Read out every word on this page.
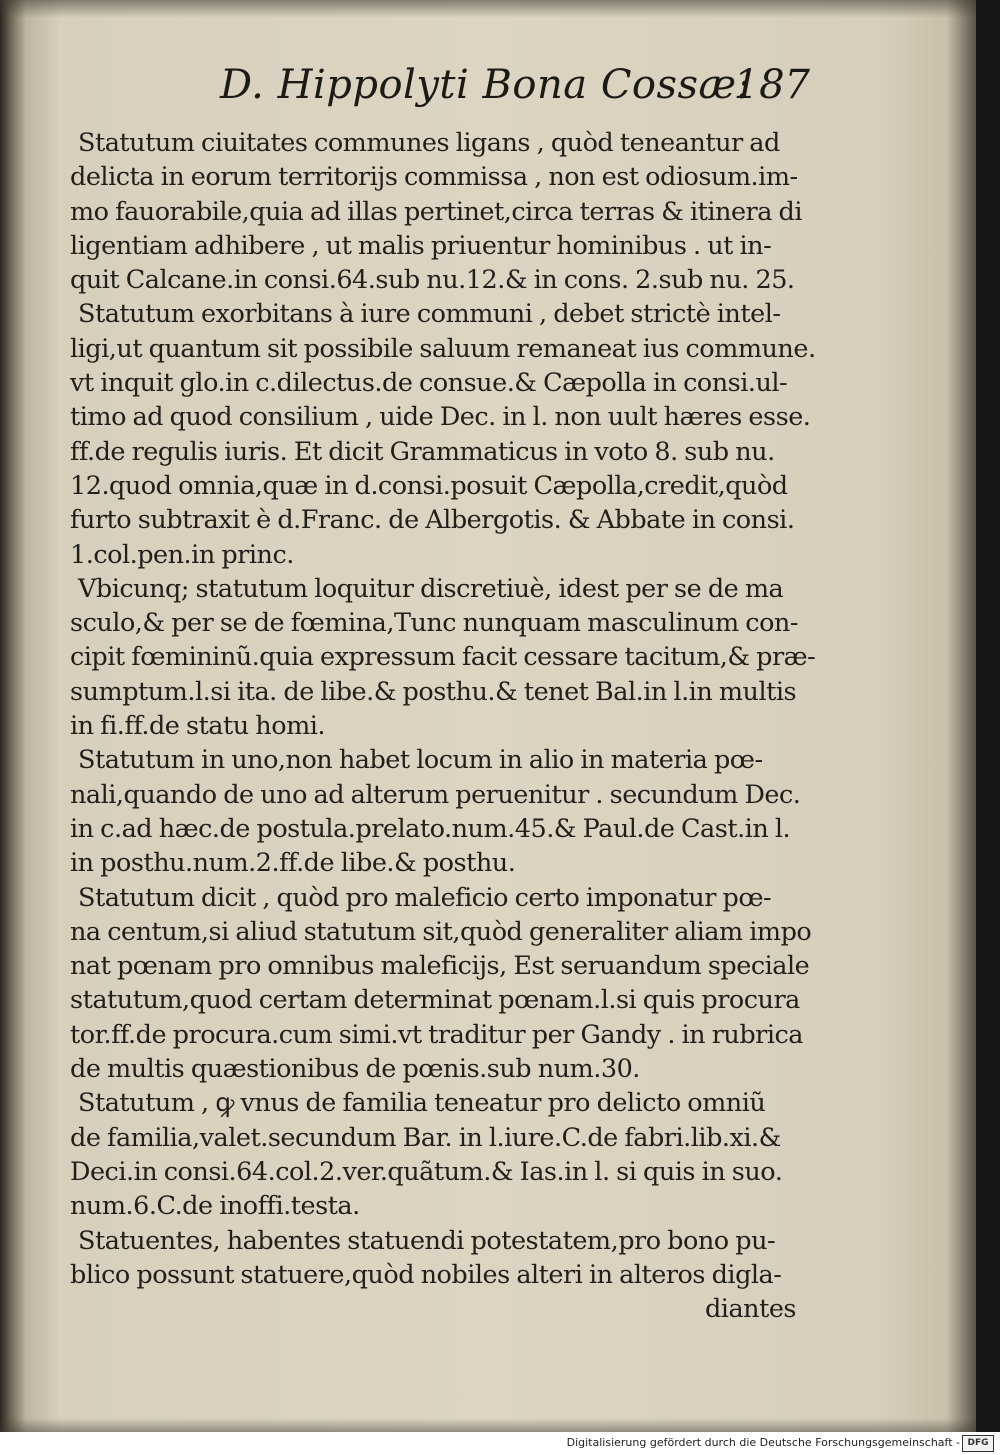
D. Hippolyti Bona Cossæ:
187
Statutum ciuitates communes ligans , quòd teneantur ad
delicta in eorum territorijs commissa , non est odiosum.im-
mo fauorabile,quia ad illas pertinet,circa terras & itinera di
ligentiam adhibere , ut malis priuentur hominibus . ut in-
quit Calcane.in consi.64.sub nu.12.& in cons. 2.sub nu. 25.
Statutum exorbitans à iure communi , debet strictè intel-
ligi,ut quantum sit possibile saluum remaneat ius commune.
vt inquit glo.in c.dilectus.de consue.& Cæpolla in consi.ul-
timo ad quod consilium , uide Dec. in l. non uult hæres esse.
ff.de regulis iuris. Et dicit Grammaticus in voto 8. sub nu.
12.quod omnia,quæ in d.consi.posuit Cæpolla,credit,quòd
furto subtraxit è d.Franc. de Albergotis. & Abbate in consi.
1.col.pen.in princ.
Vbicunq; statutum loquitur discretiuè, idest per se de ma
sculo,& per se de fœmina,Tunc nunquam masculinum con-
cipit fœmininũ.quia expressum facit cessare tacitum,& præ-
sumptum.l.si ita. de libe.& posthu.& tenet Bal.in l.in multis
in fi.ff.de statu homi.
Statutum in uno,non habet locum in alio in materia pœ-
nali,quando de uno ad alterum peruenitur . secundum Dec.
in c.ad hæc.de postula.prelato.num.45.& Paul.de Cast.in l.
in posthu.num.2.ff.de libe.& posthu.
Statutum dicit , quòd pro maleficio certo imponatur pœ-
na centum,si aliud statutum sit,quòd generaliter aliam impo
nat pœnam pro omnibus maleficijs, Est seruandum speciale
statutum,quod certam determinat pœnam.l.si quis procura
tor.ff.de procura.cum simi.vt traditur per Gandy . in rubrica
de multis quæstionibus de pœnis.sub num.30.
Statutum , ꝙ vnus de familia teneatur pro delicto omniũ
de familia,valet.secundum Bar. in l.iure.C.de fabri.lib.xi.&
Deci.in consi.64.col.2.ver.quãtum.& Ias.in l. si quis in suo.
num.6.C.de inoffi.testa.
Statuentes, habentes statuendi potestatem,pro bono pu-
blico possunt statuere,quòd nobiles alteri in alteros digla-
diantes
Digitalisierung gefördert durch die Deutsche Forschungsgemeinschaft - DFG
